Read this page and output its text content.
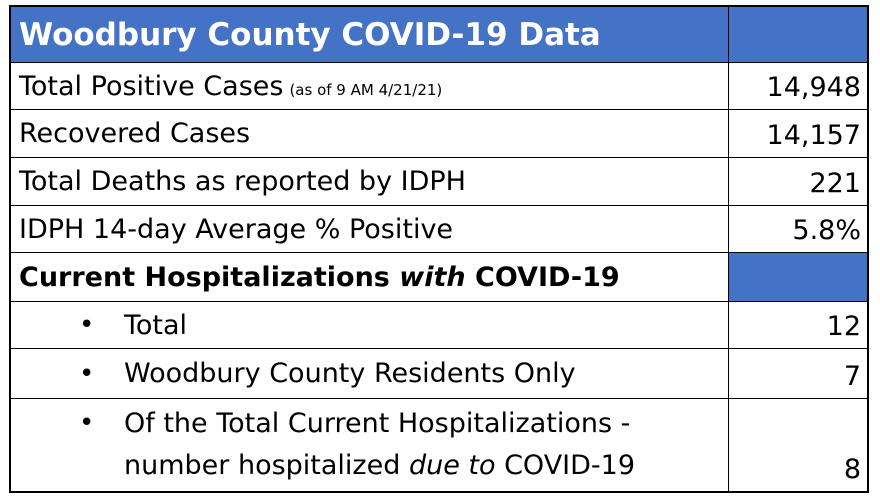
Woodbury County COVID-19 Data
Total Positive Cases (as of 9 AM 4/21/21)	14,948
Recovered Cases	14,157
Total Deaths as reported by IDPH	221
IDPH 14-day Average % Positive	5.8%
Current Hospitalizations with COVID-19
• Total	12
• Woodbury County Residents Only	7
• Of the Total Current Hospitalizations -
number hospitalized due to COVID-19	8
